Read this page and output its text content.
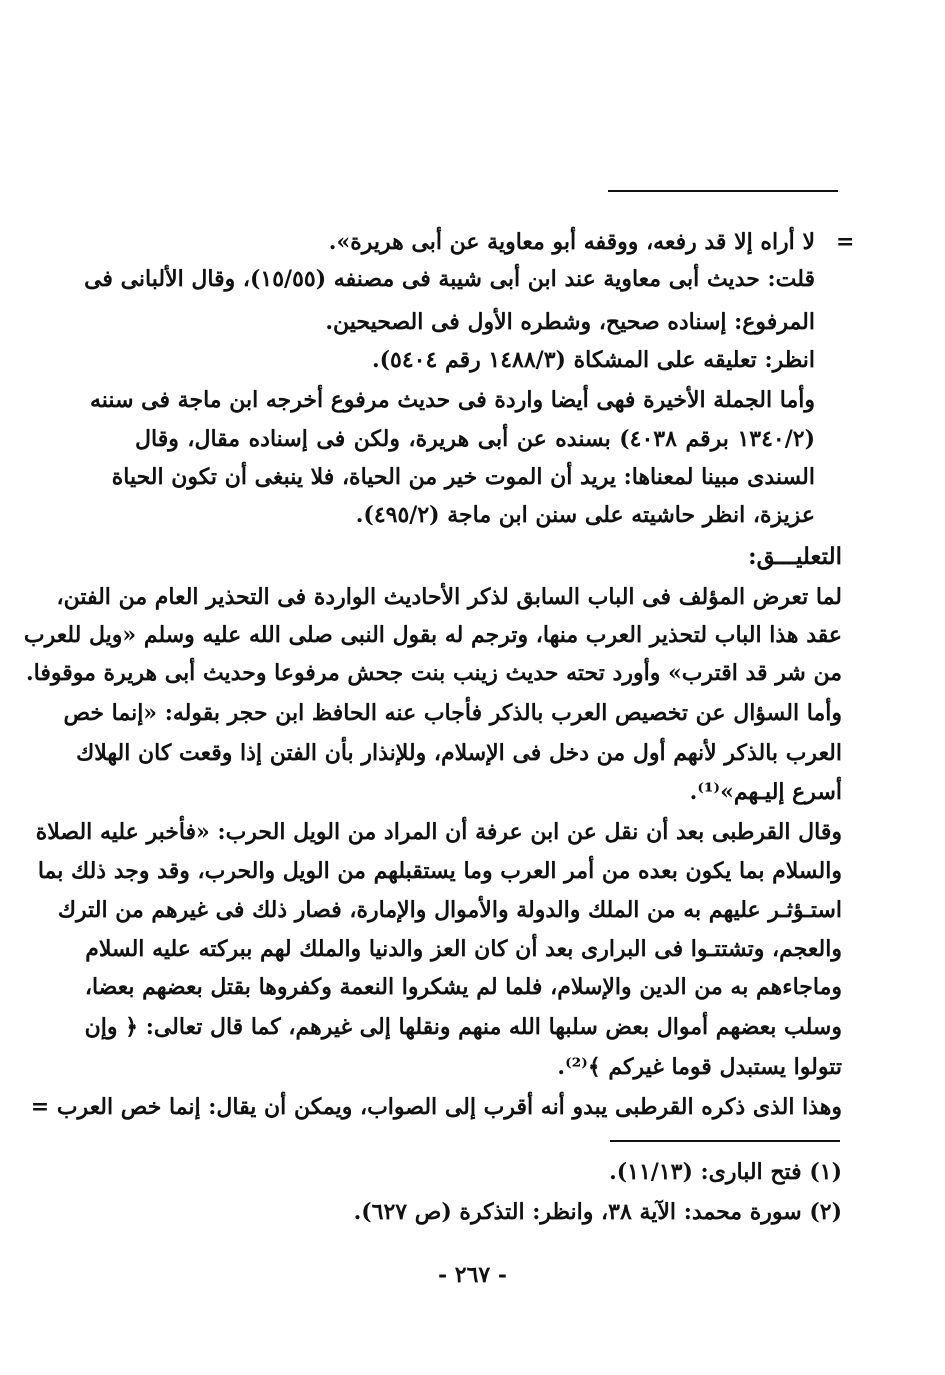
=
لا أراه إلا قد رفعه، ووقفه أبو معاوية عن أبى هريرة».
قلت: حديث أبى معاوية عند ابن أبى شيبة فى مصنفه (١٥/٥٥)، وقال الألبانى فى
المرفوع: إسناده صحيح، وشطره الأول فى الصحيحين.
انظر: تعليقه على المشكاة (١٤٨٨/٣ رقم ٥٤٠٤).
وأما الجملة الأخيرة فهى أيضا واردة فى حديث مرفوع أخرجه ابن ماجة فى سننه
(١٣٤٠/٢ برقم ٤٠٣٨) بسنده عن أبى هريرة، ولكن فى إسناده مقال، وقال
السندى مبينا لمعناها: يريد أن الموت خير من الحياة، فلا ينبغى أن تكون الحياة
عزيزة، انظر حاشيته على سنن ابن ماجة (٤٩٥/٢).
التعليـــق:
لما تعرض المؤلف فى الباب السابق لذكر الأحاديث الواردة فى التحذير العام من الفتن،
عقد هذا الباب لتحذير العرب منها، وترجم له بقول النبى صلى الله عليه وسلم «ويل للعرب
من شر قد اقترب» وأورد تحته حديث زينب بنت جحش مرفوعا وحديث أبى هريرة موقوفا.
وأما السؤال عن تخصيص العرب بالذكر فأجاب عنه الحافظ ابن حجر بقوله: «إنما خص
العرب بالذكر لأنهم أول من دخل فى الإسلام، وللإنذار بأن الفتن إذا وقعت كان الهلاك
أسرع إليـهم»⁽¹⁾.
وقال القرطبى بعد أن نقل عن ابن عرفة أن المراد من الويل الحرب: «فأخبر عليه الصلاة
والسلام بما يكون بعده من أمر العرب وما يستقبلهم من الويل والحرب، وقد وجد ذلك بما
استـؤثـر عليهم به من الملك والدولة والأموال والإمارة، فصار ذلك فى غيرهم من الترك
والعجم، وتشتتـوا فى البرارى بعد أن كان العز والدنيا والملك لهم ببركته عليه السلام
وماجاءهم به من الدين والإسلام، فلما لم يشكروا النعمة وكفروها بقتل بعضهم بعضا،
وسلب بعضهم أموال بعض سلبها الله منهم ونقلها إلى غيرهم، كما قال تعالى: ﴿ وإن
تتولوا يستبدل قوما غيركم ﴾⁽²⁾.
وهذا الذى ذكره القرطبى يبدو أنه أقرب إلى الصواب، ويمكن أن يقال: إنما خص العرب =
(١) فتح البارى: (١١/١٣).
(٢) سورة محمد: الآية ٣٨، وانظر: التذكرة (ص ٦٢٧).
- ٢٦٧ -
